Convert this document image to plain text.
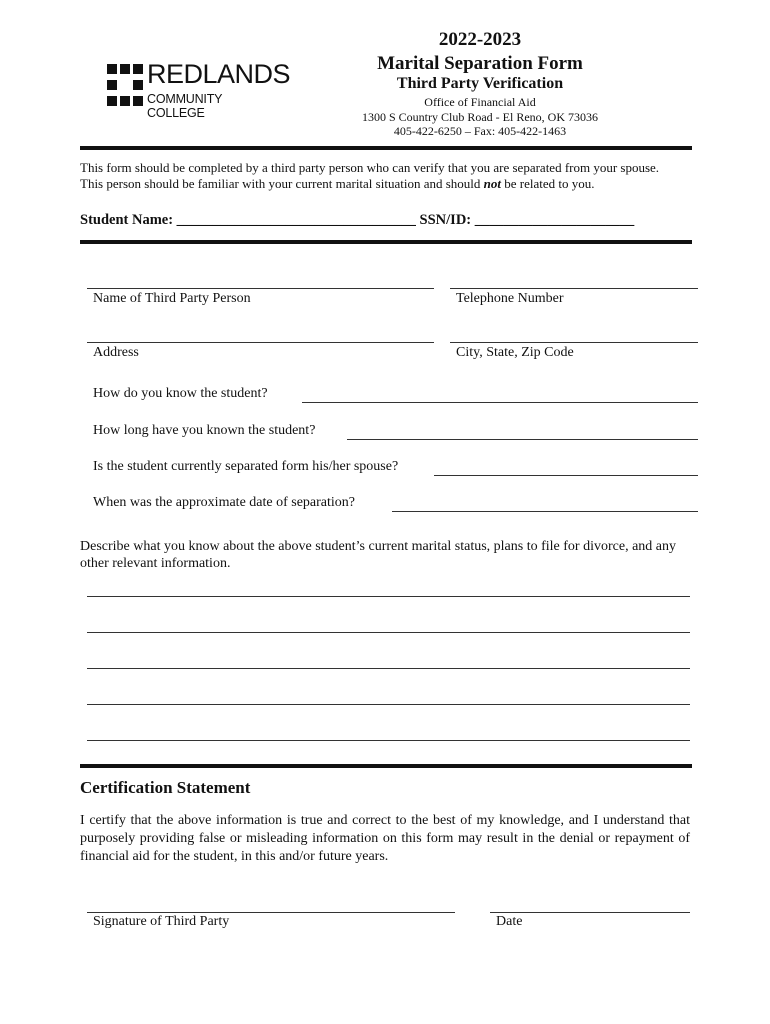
REDLANDS
COMMUNITY COLLEGE
2022-2023
Marital Separation Form
Third Party Verification
Office of Financial Aid
1300 S Country Club Road - El Reno, OK 73036
405-422-6250 – Fax: 405-422-1463
This form should be completed by a third party person who can verify that you are separated from your spouse.
This person should be familiar with your current marital situation and should not be related to you.
Student Name: _________________________________ SSN/ID: ______________________
Name of Third Party Person	Telephone Number
Address	City, State, Zip Code
How do you know the student?
How long have you known the student?
Is the student currently separated form his/her spouse?
When was the approximate date of separation?
Describe what you know about the above student’s current marital status, plans to file for divorce, and any other relevant information.
Certification Statement
I certify that the above information is true and correct to the best of my knowledge, and I understand that purposely providing false or misleading information on this form may result in the denial or repayment of financial aid for the student, in this and/or future years.
Signature of Third Party	Date
